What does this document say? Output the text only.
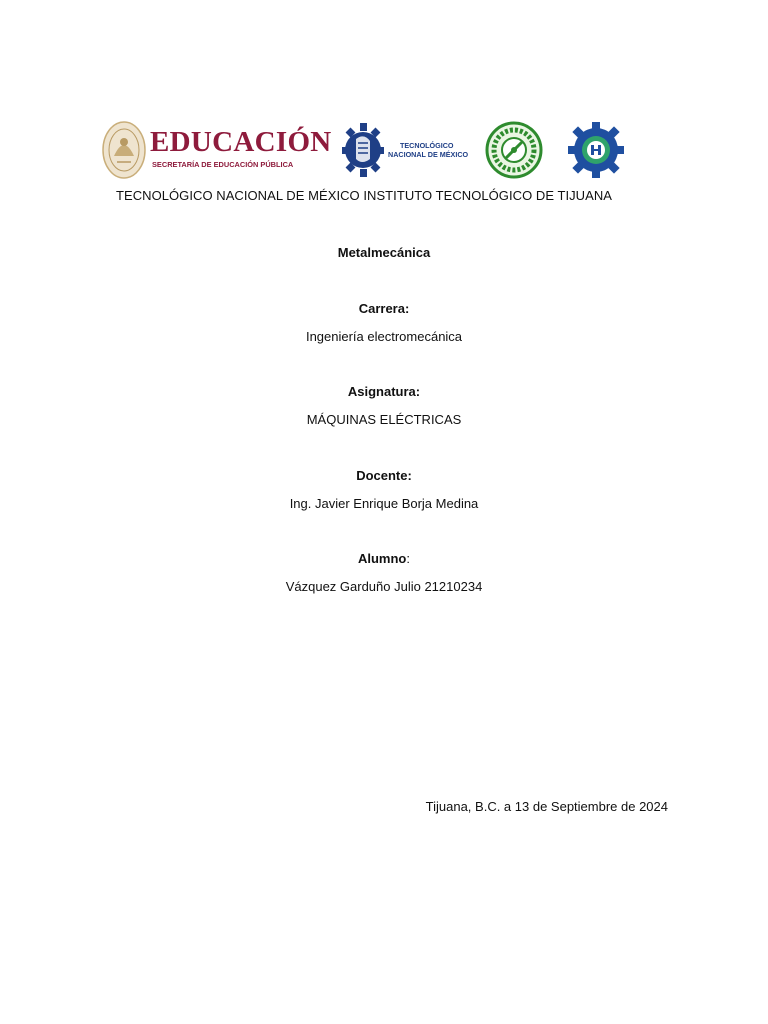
EDUCACIÓN
SECRETARÍA DE EDUCACIÓN PÚBLICA
TECNOLÓGICO
NACIONAL DE MÉXICO
TECNOLÓGICO NACIONAL DE MÉXICO INSTITUTO TECNOLÓGICO DE TIJUANA
Metalmecánica
Carrera:
Ingeniería electromecánica
Asignatura:
MÁQUINAS ELÉCTRICAS
Docente:
Ing. Javier Enrique Borja Medina
Alumno:
Vázquez Garduño Julio 21210234
Tijuana, B.C. a 13 de Septiembre de 2024
